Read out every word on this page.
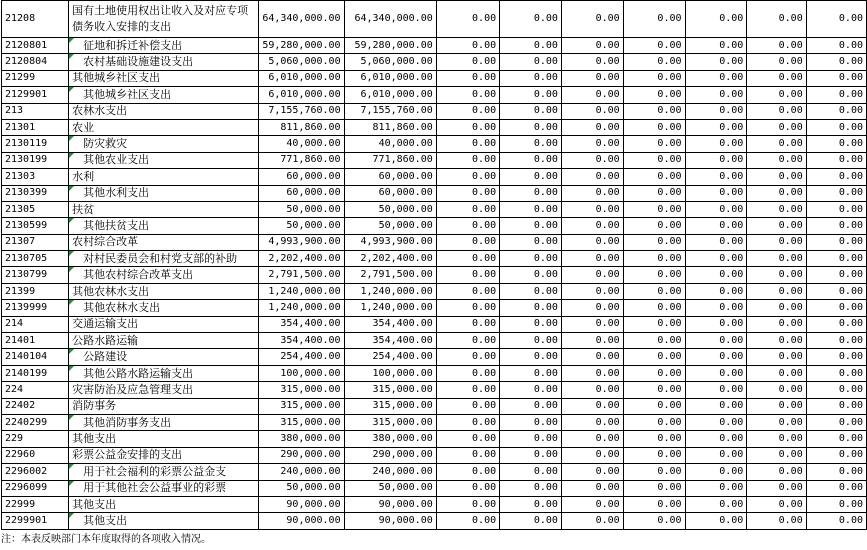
21208	国有土地使用权出让收入及对应专项债务收入安排的支出	64,340,000.00	64,340,000.00	0.00	0.00	0.00	0.00	0.00	0.00	0.00
2120801	征地和拆迁补偿支出	59,280,000.00	59,280,000.00	0.00	0.00	0.00	0.00	0.00	0.00	0.00
2120804	农村基础设施建设支出	5,060,000.00	5,060,000.00	0.00	0.00	0.00	0.00	0.00	0.00	0.00
21299	其他城乡社区支出	6,010,000.00	6,010,000.00	0.00	0.00	0.00	0.00	0.00	0.00	0.00
2129901	其他城乡社区支出	6,010,000.00	6,010,000.00	0.00	0.00	0.00	0.00	0.00	0.00	0.00
213	农林水支出	7,155,760.00	7,155,760.00	0.00	0.00	0.00	0.00	0.00	0.00	0.00
21301	农业	811,860.00	811,860.00	0.00	0.00	0.00	0.00	0.00	0.00	0.00
2130119	防灾救灾	40,000.00	40,000.00	0.00	0.00	0.00	0.00	0.00	0.00	0.00
2130199	其他农业支出	771,860.00	771,860.00	0.00	0.00	0.00	0.00	0.00	0.00	0.00
21303	水利	60,000.00	60,000.00	0.00	0.00	0.00	0.00	0.00	0.00	0.00
2130399	其他水利支出	60,000.00	60,000.00	0.00	0.00	0.00	0.00	0.00	0.00	0.00
21305	扶贫	50,000.00	50,000.00	0.00	0.00	0.00	0.00	0.00	0.00	0.00
2130599	其他扶贫支出	50,000.00	50,000.00	0.00	0.00	0.00	0.00	0.00	0.00	0.00
21307	农村综合改革	4,993,900.00	4,993,900.00	0.00	0.00	0.00	0.00	0.00	0.00	0.00
2130705	对村民委员会和村党支部的补助	2,202,400.00	2,202,400.00	0.00	0.00	0.00	0.00	0.00	0.00	0.00
2130799	其他农村综合改革支出	2,791,500.00	2,791,500.00	0.00	0.00	0.00	0.00	0.00	0.00	0.00
21399	其他农林水支出	1,240,000.00	1,240,000.00	0.00	0.00	0.00	0.00	0.00	0.00	0.00
2139999	其他农林水支出	1,240,000.00	1,240,000.00	0.00	0.00	0.00	0.00	0.00	0.00	0.00
214	交通运输支出	354,400.00	354,400.00	0.00	0.00	0.00	0.00	0.00	0.00	0.00
21401	公路水路运输	354,400.00	354,400.00	0.00	0.00	0.00	0.00	0.00	0.00	0.00
2140104	公路建设	254,400.00	254,400.00	0.00	0.00	0.00	0.00	0.00	0.00	0.00
2140199	其他公路水路运输支出	100,000.00	100,000.00	0.00	0.00	0.00	0.00	0.00	0.00	0.00
224	灾害防治及应急管理支出	315,000.00	315,000.00	0.00	0.00	0.00	0.00	0.00	0.00	0.00
22402	消防事务	315,000.00	315,000.00	0.00	0.00	0.00	0.00	0.00	0.00	0.00
2240299	其他消防事务支出	315,000.00	315,000.00	0.00	0.00	0.00	0.00	0.00	0.00	0.00
229	其他支出	380,000.00	380,000.00	0.00	0.00	0.00	0.00	0.00	0.00	0.00
22960	彩票公益金安排的支出	290,000.00	290,000.00	0.00	0.00	0.00	0.00	0.00	0.00	0.00
2296002	用于社会福利的彩票公益金支	240,000.00	240,000.00	0.00	0.00	0.00	0.00	0.00	0.00	0.00
2296099	用于其他社会公益事业的彩票	50,000.00	50,000.00	0.00	0.00	0.00	0.00	0.00	0.00	0.00
22999	其他支出	90,000.00	90,000.00	0.00	0.00	0.00	0.00	0.00	0.00	0.00
2299901	其他支出	90,000.00	90,000.00	0.00	0.00	0.00	0.00	0.00	0.00	0.00
注：本表反映部门本年度取得的各项收入情况。
